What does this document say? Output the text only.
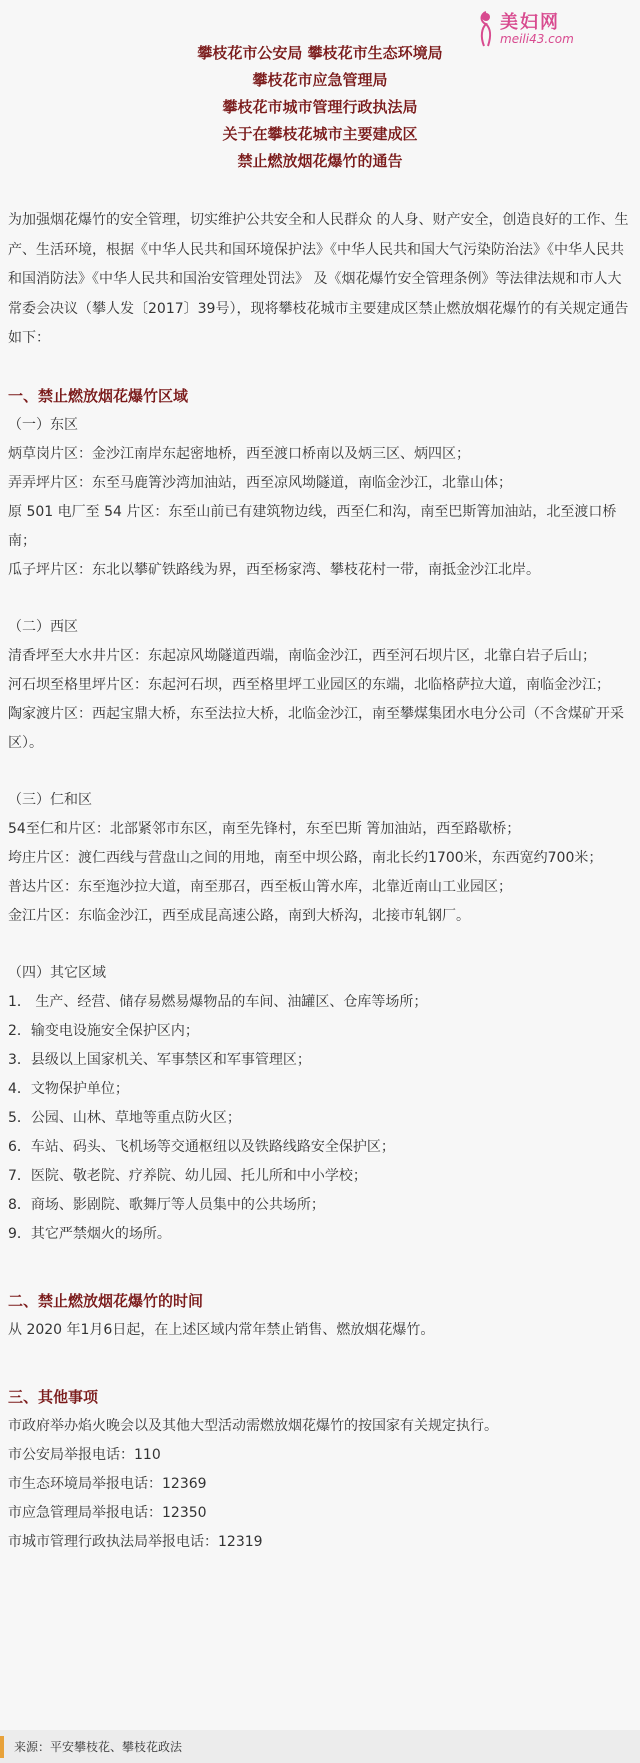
美妇网
meili43.com
攀枝花市公安局 攀枝花市生态环境局
攀枝花市应急管理局
攀枝花市城市管理行政执法局
关于在攀枝花城市主要建成区
禁止燃放烟花爆竹的通告

为加强烟花爆竹的安全管理，切实维护公共安全和人民群众 的人身、财产安全，创造良好的工作、生产、生活环境，根据《中华人民共和国环境保护法》《中华人民共和国大气污染防治法》《中华人民共和国消防法》《中华人民共和国治安管理处罚法》 及《烟花爆竹安全管理条例》等法律法规和市人大常委会决议（攀人发〔2017〕39号），现将攀枝花城市主要建成区禁止燃放烟花爆竹的有关规定通告如下：

一、禁止燃放烟花爆竹区域
（一）东区
炳草岗片区：金沙江南岸东起密地桥，西至渡口桥南以及炳三区、炳四区；
弄弄坪片区：东至马鹿箐沙湾加油站，西至凉风坳隧道，南临金沙江，北靠山体；
原 501 电厂至 54 片区：东至山前已有建筑物边线，西至仁和沟，南至巴斯箐加油站，北至渡口桥南；
瓜子坪片区：东北以攀矿铁路线为界，西至杨家湾、攀枝花村一带，南抵金沙江北岸。
（二）西区
清香坪至大水井片区：东起凉风坳隧道西端，南临金沙江，西至河石坝片区，北靠白岩子后山；
河石坝至格里坪片区：东起河石坝，西至格里坪工业园区的东端，北临格萨拉大道，南临金沙江；
陶家渡片区：西起宝鼎大桥，东至法拉大桥，北临金沙江，南至攀煤集团水电分公司（不含煤矿开采区）。
（三）仁和区
54至仁和片区：北部紧邻市东区，南至先锋村，东至巴斯 箐加油站，西至路歇桥；
垮庄片区：渡仁西线与营盘山之间的用地，南至中坝公路，南北长约1700米，东西宽约700米；
普达片区：东至迤沙拉大道，南至那召，西至板山箐水库，北靠近南山工业园区；
金江片区：东临金沙江，西至成昆高速公路，南到大桥沟，北接市轧钢厂。
（四）其它区域
1． 生产、经营、储存易燃易爆物品的车间、油罐区、仓库等场所；
2．输变电设施安全保护区内；
3．县级以上国家机关、军事禁区和军事管理区；
4．文物保护单位；
5．公园、山林、草地等重点防火区；
6．车站、码头、飞机场等交通枢纽以及铁路线路安全保护区；
7．医院、敬老院、疗养院、幼儿园、托儿所和中小学校；
8．商场、影剧院、歌舞厅等人员集中的公共场所；
9．其它严禁烟火的场所。
二、禁止燃放烟花爆竹的时间
从 2020 年1月6日起，在上述区域内常年禁止销售、燃放烟花爆竹。
三、其他事项
市政府举办焰火晚会以及其他大型活动需燃放烟花爆竹的按国家有关规定执行。
市公安局举报电话：110
市生态环境局举报电话：12369
市应急管理局举报电话：12350
市城市管理行政执法局举报电话：12319
来源：平安攀枝花、攀枝花政法
